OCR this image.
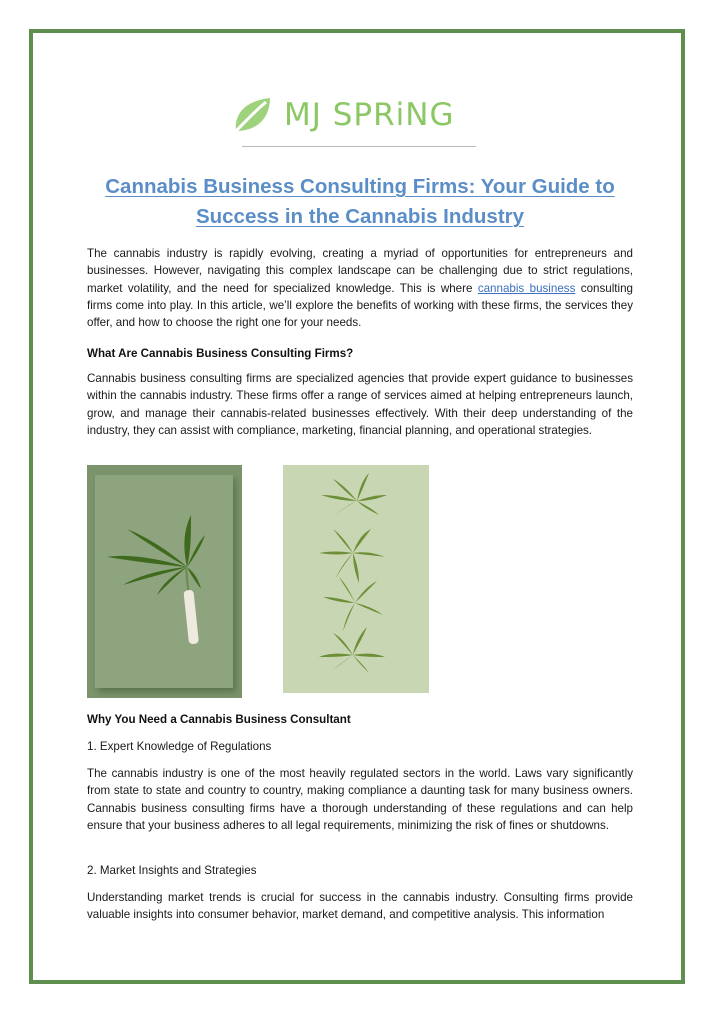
MJ SPRiNG
Cannabis Business Consulting Firms: Your Guide to Success in the Cannabis Industry

The cannabis industry is rapidly evolving, creating a myriad of opportunities for entrepreneurs and businesses. However, navigating this complex landscape can be challenging due to strict regulations, market volatility, and the need for specialized knowledge. This is where cannabis business consulting firms come into play. In this article, we’ll explore the benefits of working with these firms, the services they offer, and how to choose the right one for your needs.

What Are Cannabis Business Consulting Firms?

Cannabis business consulting firms are specialized agencies that provide expert guidance to businesses within the cannabis industry. These firms offer a range of services aimed at helping entrepreneurs launch, grow, and manage their cannabis-related businesses effectively. With their deep understanding of the industry, they can assist with compliance, marketing, financial planning, and operational strategies.

Why You Need a Cannabis Business Consultant

1. Expert Knowledge of Regulations

The cannabis industry is one of the most heavily regulated sectors in the world. Laws vary significantly from state to state and country to country, making compliance a daunting task for many business owners. Cannabis business consulting firms have a thorough understanding of these regulations and can help ensure that your business adheres to all legal requirements, minimizing the risk of fines or shutdowns.

2. Market Insights and Strategies

Understanding market trends is crucial for success in the cannabis industry. Consulting firms provide valuable insights into consumer behavior, market demand, and competitive analysis. This information
